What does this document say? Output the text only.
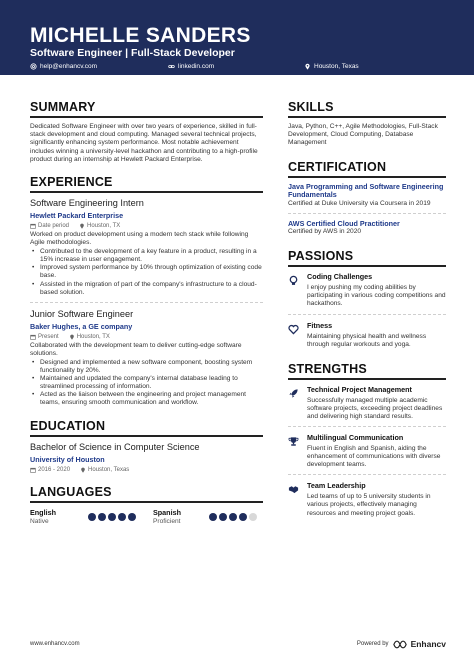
MICHELLE SANDERS
Software Engineer | Full-Stack Developer
help@enhancv.com	linkedin.com	Houston, Texas
SUMMARY
Dedicated Software Engineer with over two years of experience, skilled in full-stack development and cloud computing. Managed several technical projects, significantly enhancing system performance. Most notable achievement includes winning a university-level hackathon and contributing to a high-profile product during an internship at Hewlett Packard Enterprise.
EXPERIENCE
Software Engineering Intern
Hewlett Packard Enterprise
Date period	Houston, TX
Worked on product development using a modern tech stack while following Agile methodologies.
• Contributed to the development of a key feature in a product, resulting in a 15% increase in user engagement.
• Improved system performance by 10% through optimization of existing code base.
• Assisted in the migration of part of the company's infrastructure to a cloud-based solution.
Junior Software Engineer
Baker Hughes, a GE company
Present	Houston, TX
Collaborated with the development team to deliver cutting-edge software solutions.
• Designed and implemented a new software component, boosting system functionality by 20%.
• Maintained and updated the company's internal database leading to streamlined processing of information.
• Acted as the liaison between the engineering and project management teams, ensuring smooth communication and workflow.
EDUCATION
Bachelor of Science in Computer Science
University of Houston
2016 - 2020	Houston, Texas
LANGUAGES
English
Native
Spanish
Proficient
SKILLS
Java, Python, C++, Agile Methodologies, Full-Stack Development, Cloud Computing, Database Management
CERTIFICATION
Java Programming and Software Engineering Fundamentals
Certified at Duke University via Coursera in 2019
AWS Certified Cloud Practitioner
Certified by AWS in 2020
PASSIONS
Coding Challenges
I enjoy pushing my coding abilities by participating in various coding competitions and hackathons.
Fitness
Maintaining physical health and wellness through regular workouts and yoga.
STRENGTHS
Technical Project Management
Successfully managed multiple academic software projects, exceeding project deadlines and delivering high standard results.
Multilingual Communication
Fluent in English and Spanish, aiding the enhancement of communications with diverse development teams.
Team Leadership
Led teams of up to 5 university students in various projects, effectively managing resources and meeting project goals.
www.enhancv.com	Powered by	Enhancv
